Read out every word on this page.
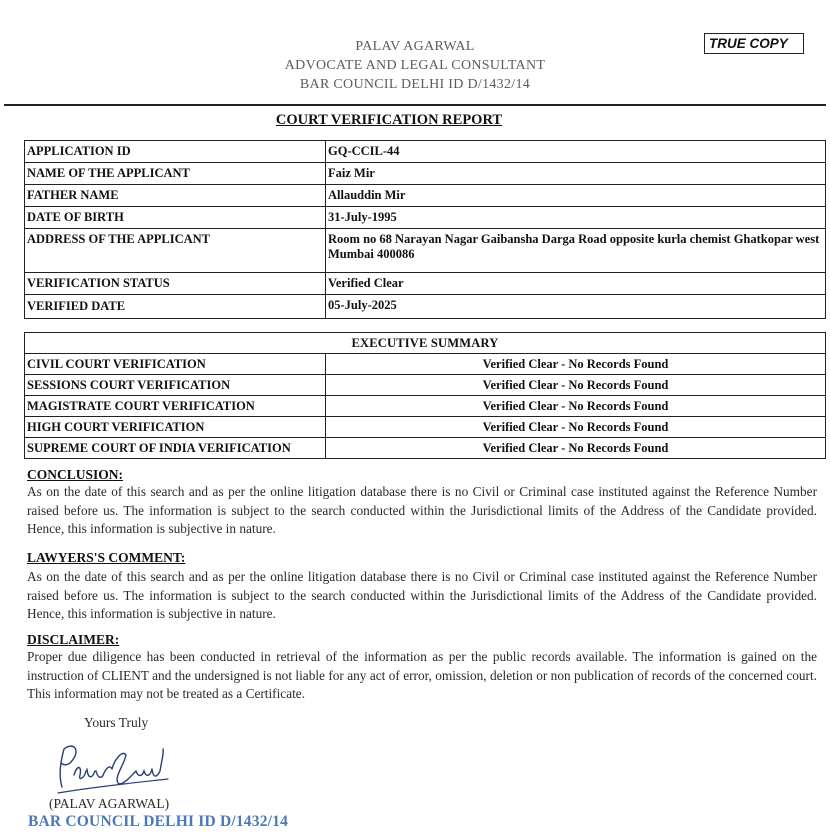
PALAV AGARWAL
ADVOCATE AND LEGAL CONSULTANT
BAR COUNCIL DELHI ID D/1432/14
TRUE COPY
COURT VERIFICATION REPORT
APPLICATION ID	GQ-CCIL-44
NAME OF THE APPLICANT	Faiz Mir
FATHER NAME	Allauddin Mir
DATE OF BIRTH	31-July-1995
ADDRESS OF THE APPLICANT	Room no 68 Narayan Nagar Gaibansha Darga Road opposite kurla chemist Ghatkopar west Mumbai 400086
VERIFICATION STATUS	Verified Clear
VERIFIED DATE	05-July-2025
EXECUTIVE SUMMARY	
CIVIL COURT VERIFICATION	Verified Clear - No Records Found
SESSIONS COURT VERIFICATION	Verified Clear - No Records Found
MAGISTRATE COURT VERIFICATION	Verified Clear - No Records Found
HIGH COURT VERIFICATION	Verified Clear - No Records Found
SUPREME COURT OF INDIA VERIFICATION	Verified Clear - No Records Found
CONCLUSION:
As on the date of this search and as per the online litigation database there is no Civil or Criminal case instituted against the Reference Number raised before us. The information is subject to the search conducted within the Jurisdictional limits of the Address of the Candidate provided. Hence, this information is subjective in nature.
LAWYERS'S COMMENT:
As on the date of this search and as per the online litigation database there is no Civil or Criminal case instituted against the Reference Number raised before us. The information is subject to the search conducted within the Jurisdictional limits of the Address of the Candidate provided. Hence, this information is subjective in nature.
DISCLAIMER:
Proper due diligence has been conducted in retrieval of the information as per the public records available. The information is gained on the instruction of CLIENT and the undersigned is not liable for any act of error, omission, deletion or non publication of records of the concerned court. This information may not be treated as a Certificate.
Yours Truly
(PALAV AGARWAL)
BAR COUNCIL DELHI ID D/1432/14
